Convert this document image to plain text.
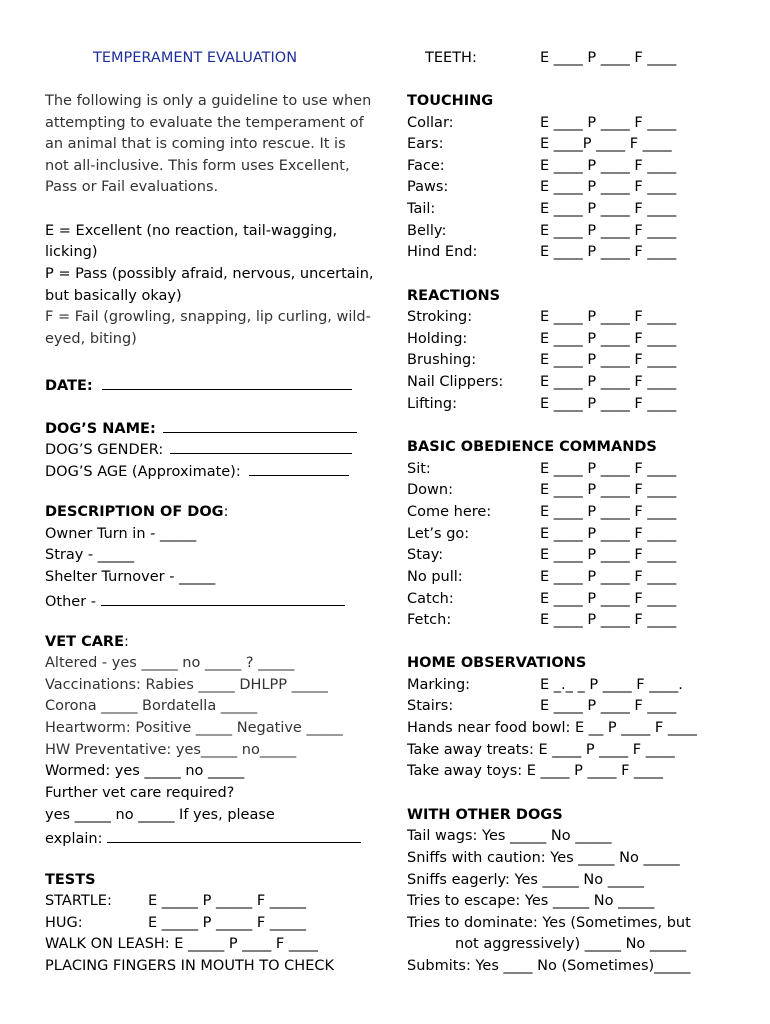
TEMPERAMENT EVALUATION
The following is only a guideline to use when
attempting to evaluate the temperament of
an animal that is coming into rescue. It is
not all-inclusive. This form uses Excellent,
Pass or Fail evaluations.
E = Excellent (no reaction, tail-wagging,
licking)
P = Pass (possibly afraid, nervous, uncertain,
but basically okay)
F = Fail (growling, snapping, lip curling, wild-
eyed, biting)
DATE:
DOG’S NAME:
DOG’S GENDER:
DOG’S AGE (Approximate):
DESCRIPTION OF DOG:
Owner Turn in - _____
Stray - _____
Shelter Turnover - _____
Other -
VET CARE:
Altered - yes _____ no _____ ? _____
Vaccinations: Rabies _____ DHLPP _____
Corona _____ Bordatella _____
Heartworm: Positive _____ Negative _____
HW Preventative: yes_____ no_____
Wormed: yes _____ no _____
Further vet care required?
yes _____ no _____ If yes, please
explain:
TESTS
STARTLE: E _____ P _____ F _____
HUG:	E _____ P _____ F _____
WALK ON LEASH: E _____ P ____ F ____
PLACING FINGERS IN MOUTH TO CHECK
TEETH:	E ____ P ____ F ____
TOUCHING
Collar:	E ____ P ____ F ____
Ears:	E ____P ____ F ____
Face:	E ____ P ____ F ____
Paws:	E ____ P ____ F ____
Tail:	E ____ P ____ F ____
Belly:	E ____ P ____ F ____
Hind End:	E ____ P ____ F ____
REACTIONS
Stroking:	E ____ P ____ F ____
Holding:	E ____ P ____ F ____
Brushing:	E ____ P ____ F ____
Nail Clippers:	E ____ P ____ F ____
Lifting:	E ____ P ____ F ____
BASIC OBEDIENCE COMMANDS
Sit:	E ____ P ____ F ____
Down:	E ____ P ____ F ____
Come here:	E ____ P ____ F ____
Let’s go:	E ____ P ____ F ____
Stay:	E ____ P ____ F ____
No pull:	E ____ P ____ F ____
Catch:	E ____ P ____ F ____
Fetch:	E ____ P ____ F ____
HOME OBSERVATIONS
Marking:	E _._ _ P ____ F ____.
Stairs:	E ____ P ____ F ____
Hands near food bowl: E __ P ____ F ____
Take away treats: E ____ P ____ F ____
Take away toys: E ____ P ____ F ____
WITH OTHER DOGS
Tail wags: Yes _____ No _____
Sniffs with caution: Yes _____ No _____
Sniffs eagerly: Yes _____ No _____
Tries to escape: Yes _____ No _____
Tries to dominate: Yes (Sometimes, but
not aggressively) _____ No _____
Submits: Yes ____ No (Sometimes)_____
